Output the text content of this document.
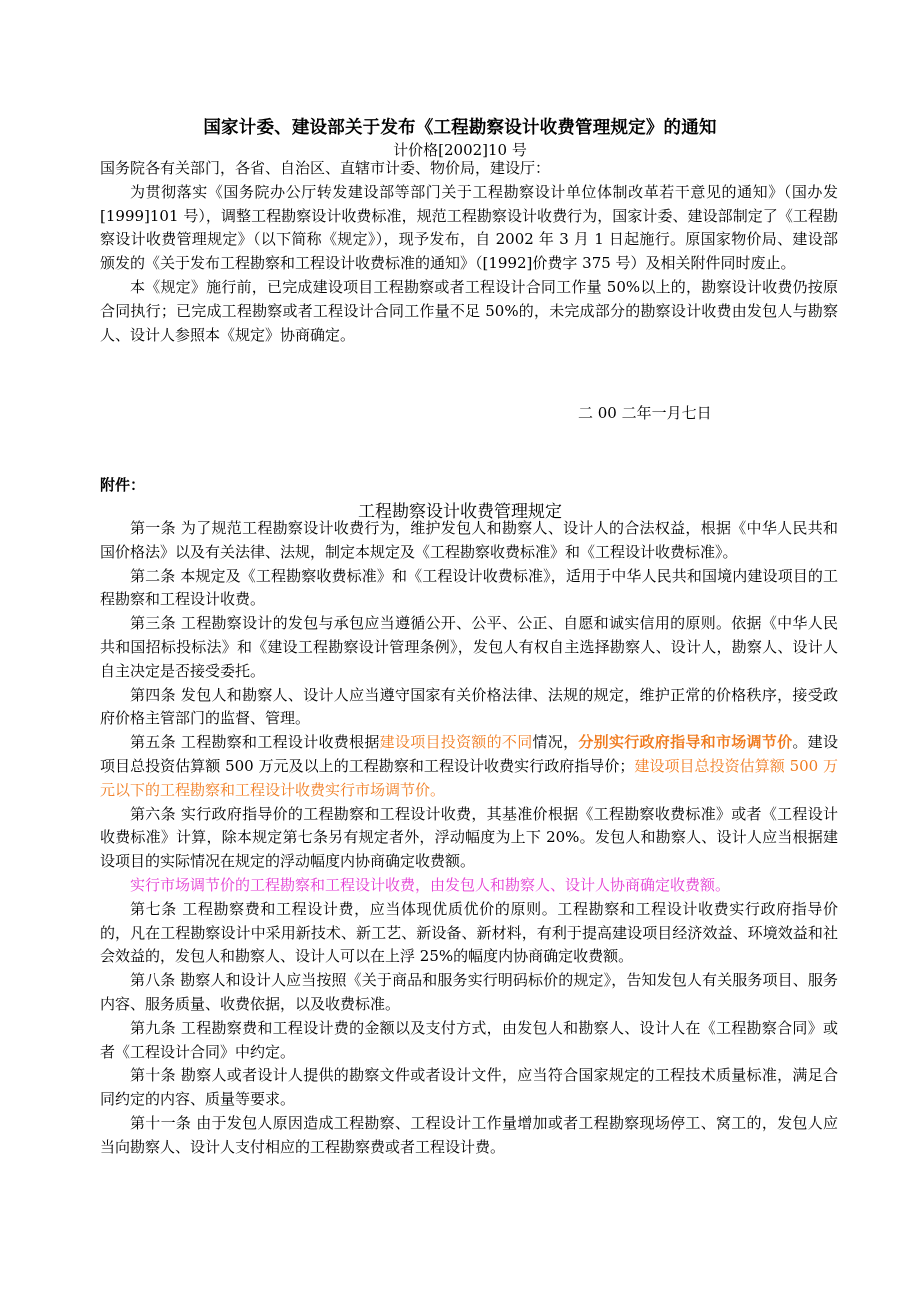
国家计委、建设部关于发布《工程勘察设计收费管理规定》的通知
计价格[2002]10 号

国务院各有关部门，各省、自治区、直辖市计委、物价局，建设厅：

为贯彻落实《国务院办公厅转发建设部等部门关于工程勘察设计单位体制改革若干意见的通知》（国办发[1999]101 号），调整工程勘察设计收费标准，规范工程勘察设计收费行为，国家计委、建设部制定了《工程勘察设计收费管理规定》（以下简称《规定》），现予发布，自 2002 年 3 月 1 日起施行。原国家物价局、建设部颁发的《关于发布工程勘察和工程设计收费标准的通知》（[1992]价费字 375 号）及相关附件同时废止。

本《规定》施行前，已完成建设项目工程勘察或者工程设计合同工作量 50%以上的，勘察设计收费仍按原合同执行；已完成工程勘察或者工程设计合同工作量不足 50%的，未完成部分的勘察设计收费由发包人与勘察人、设计人参照本《规定》协商确定。

二 00 二年一月七日
附件：
工程勘察设计收费管理规定

第一条 为了规范工程勘察设计收费行为，维护发包人和勘察人、设计人的合法权益，根据《中华人民共和国价格法》以及有关法律、法规，制定本规定及《工程勘察收费标准》和《工程设计收费标准》。

第二条 本规定及《工程勘察收费标准》和《工程设计收费标准》，适用于中华人民共和国境内建设项目的工程勘察和工程设计收费。

第三条 工程勘察设计的发包与承包应当遵循公开、公平、公正、自愿和诚实信用的原则。依据《中华人民共和国招标投标法》和《建设工程勘察设计管理条例》，发包人有权自主选择勘察人、设计人，勘察人、设计人自主决定是否接受委托。

第四条 发包人和勘察人、设计人应当遵守国家有关价格法律、法规的规定，维护正常的价格秩序，接受政府价格主管部门的监督、管理。

第五条 工程勘察和工程设计收费根据建设项目投资额的不同情况，分别实行政府指导和市场调节价。建设项目总投资估算额 500 万元及以上的工程勘察和工程设计收费实行政府指导价；建设项目总投资估算额 500 万元以下的工程勘察和工程设计收费实行市场调节价。

第六条 实行政府指导价的工程勘察和工程设计收费，其基准价根据《工程勘察收费标准》或者《工程设计收费标准》计算，除本规定第七条另有规定者外，浮动幅度为上下 20%。发包人和勘察人、设计人应当根据建设项目的实际情况在规定的浮动幅度内协商确定收费额。

实行市场调节价的工程勘察和工程设计收费，由发包人和勘察人、设计人协商确定收费额。

第七条 工程勘察费和工程设计费，应当体现优质优价的原则。工程勘察和工程设计收费实行政府指导价的，凡在工程勘察设计中采用新技术、新工艺、新设备、新材料，有利于提高建设项目经济效益、环境效益和社会效益的，发包人和勘察人、设计人可以在上浮 25%的幅度内协商确定收费额。

第八条 勘察人和设计人应当按照《关于商品和服务实行明码标价的规定》，告知发包人有关服务项目、服务内容、服务质量、收费依据，以及收费标准。

第九条 工程勘察费和工程设计费的金额以及支付方式，由发包人和勘察人、设计人在《工程勘察合同》或者《工程设计合同》中约定。

第十条 勘察人或者设计人提供的勘察文件或者设计文件，应当符合国家规定的工程技术质量标准，满足合同约定的内容、质量等要求。

第十一条 由于发包人原因造成工程勘察、工程设计工作量增加或者工程勘察现场停工、窝工的，发包人应当向勘察人、设计人支付相应的工程勘察费或者工程设计费。
